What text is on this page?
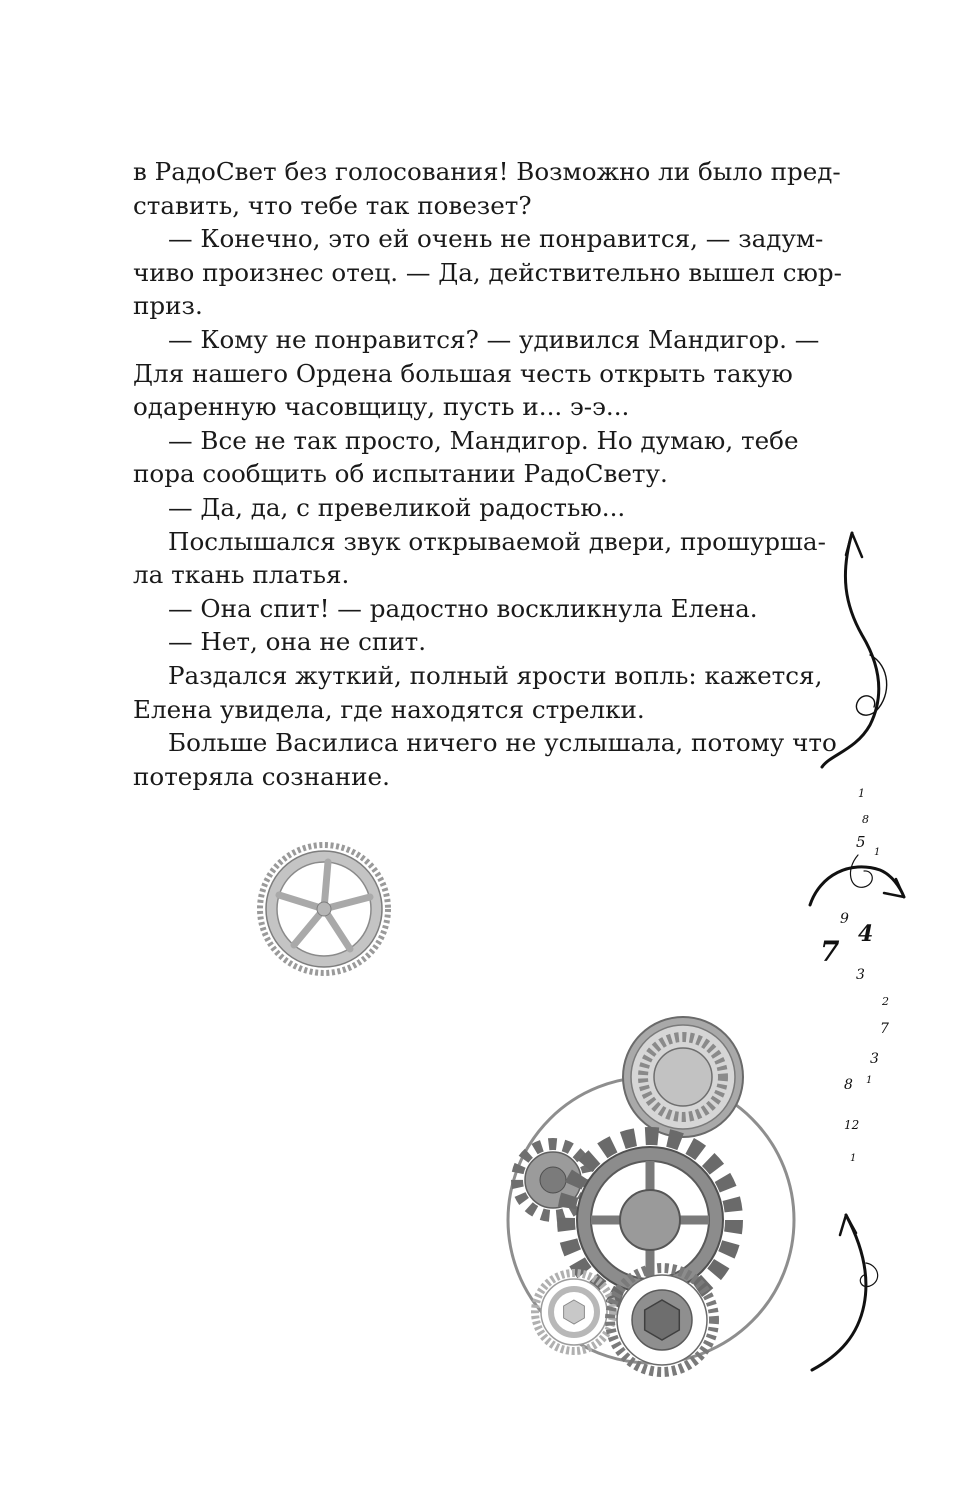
в РадоСвет без голосования! Возможно ли было пред-
ставить, что тебе так повезет?
— Конечно, это ей очень не понравится, — задум-
чиво произнес отец. — Да, действительно вышел сюр-
приз.
— Кому не понравится? — удивился Мандигор. —
Для нашего Ордена большая честь открыть такую
одаренную часовщицу, пусть и... э-э...
— Все не так просто, Мандигор. Но думаю, тебе
пора сообщить об испытании РадоСвету.
— Да, да, с превеликой радостью...
Послышался звук открываемой двери, прошурша-
ла ткань платья.
— Она спит! — радостно воскликнула Елена.
— Нет, она не спит.
Раздался жуткий, полный ярости вопль: кажется,
Елена увидела, где находятся стрелки.
Больше Василиса ничего не услышала, потому что
потеряла сознание.
1
8
5
1
9
4
7
3
2
7
3
8 1
12
1
